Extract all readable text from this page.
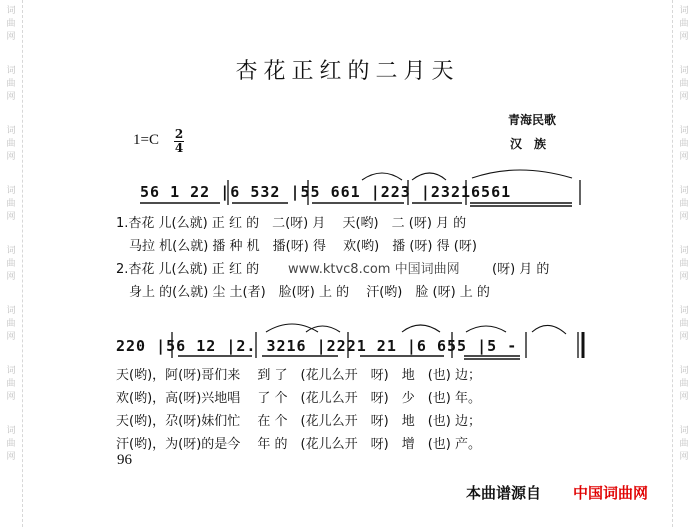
词
曲
网
词
曲
网
词
曲
网
词
曲
网
词
曲
网
词
曲
网
词
曲
网
词
曲
网
词
曲
网
词
曲
网
词
曲
网
词
曲
网
词
曲
网
词
曲
网
词
曲
网
词
曲
网
杏花正红的二月天
青海民歌
汉　族
1=C 2
4
56 1 22 |6 532 |55 661 |223 |23216561
1.杏花 儿(么就) 正 红 的　二(呀) 月　 天(哟)　二 (呀) 月 的
　马拉 机(么就) 播 种 机　播(呀) 得　 欢(哟)　播 (呀) 得 (呀)
2.杏花 儿(么就) 正 红 的 www.ktvc8.com 中国词曲网 (呀) 月 的
　身上 的(么就) 尘 土(者)　脸(呀) 上 的　 汗(哟)　脸 (呀) 上 的
220 |56 12 |2. 3216 |2221 21 |6 655 |5 -
天(哟)，阿(呀)哥们来　 到 了　(花儿么开　呀)　地　(也) 边；
欢(哟)，高(呀)兴地唱　 了 个　(花儿么开　呀)　少　(也) 年。
天(哟)，尕(呀)妹们忙　 在 个　(花儿么开　呀)　地　(也) 边；
汗(哟)，为(呀)的是今　 年 的　(花儿么开　呀)　增　(也) 产。
96
本曲谱源自 中国词曲网
